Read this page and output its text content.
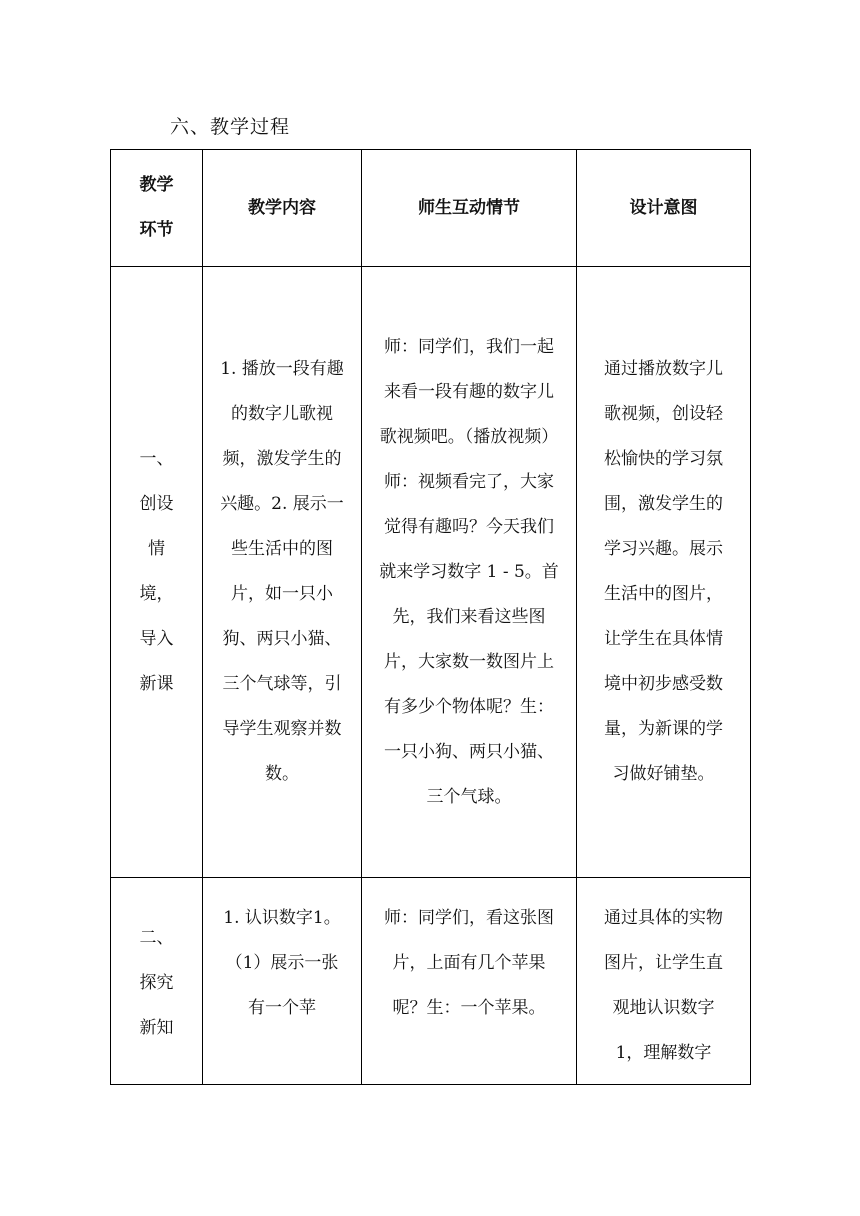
六、教学过程
教学环节	教学内容	师生互动情节	设计意图

一、创设情境，导入新课	1. 播放一段有趣的数字儿歌视频，激发学生的兴趣。2. 展示一些生活中的图片，如一只小狗、两只小猫、三个气球等，引导学生观察并数数。	师：同学们，我们一起来看一段有趣的数字儿歌视频吧。（播放视频）师：视频看完了，大家觉得有趣吗？今天我们就来学习数字 1 - 5。首先，我们来看这些图片，大家数一数图片上有多少个物体呢？生：一只小狗、两只小猫、三个气球。	通过播放数字儿歌视频，创设轻松愉快的学习氛围，激发学生的学习兴趣。展示生活中的图片，让学生在具体情境中初步感受数量，为新课的学习做好铺垫。

二、探究新知	1. 认识数字1。（1）展示一张有一个苹	师：同学们，看这张图片，上面有几个苹果呢？生：一个苹果。	通过具体的实物图片，让学生直观地认识数字 1，理解数字
